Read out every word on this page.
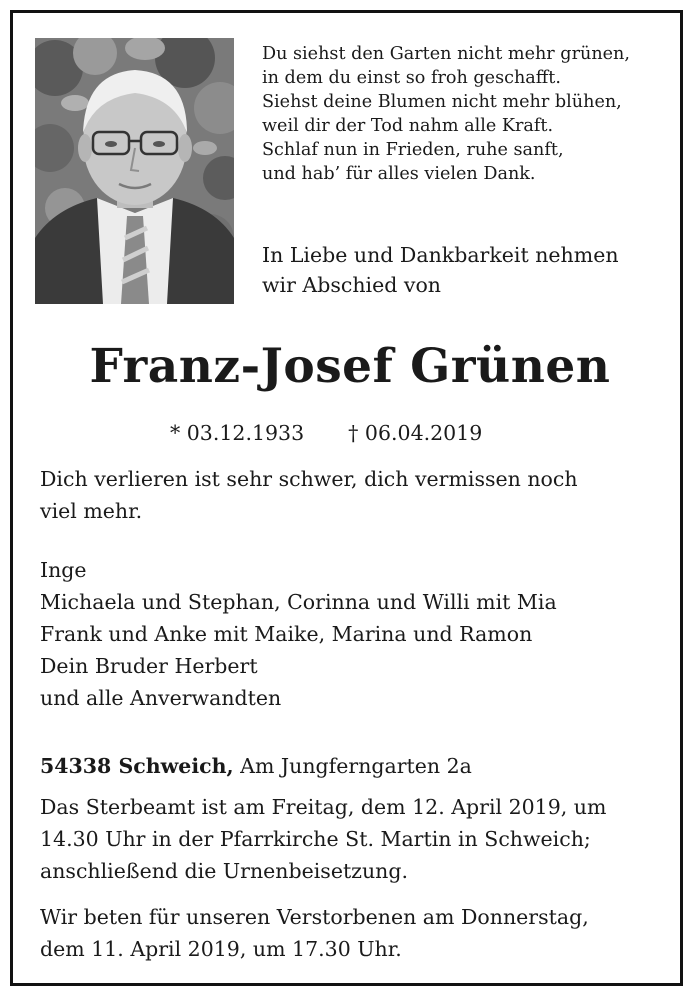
Du siehst den Garten nicht mehr grünen,
in dem du einst so froh geschafft.
Siehst deine Blumen nicht mehr blühen,
weil dir der Tod nahm alle Kraft.
Schlaf nun in Frieden, ruhe sanft,
und hab’ für alles vielen Dank.
In Liebe und Dankbarkeit nehmen
wir Abschied von
Franz-Josef Grünen
* 03.12.1933 † 06.04.2019
Dich verlieren ist sehr schwer, dich vermissen noch
viel mehr.
Inge
Michaela und Stephan, Corinna und Willi mit Mia
Frank und Anke mit Maike, Marina und Ramon
Dein Bruder Herbert
und alle Anverwandten
54338 Schweich, Am Jungferngarten 2a
Das Sterbeamt ist am Freitag, dem 12. April 2019, um
14.30 Uhr in der Pfarrkirche St. Martin in Schweich;
anschließend die Urnenbeisetzung.
Wir beten für unseren Verstorbenen am Donnerstag,
dem 11. April 2019, um 17.30 Uhr.
